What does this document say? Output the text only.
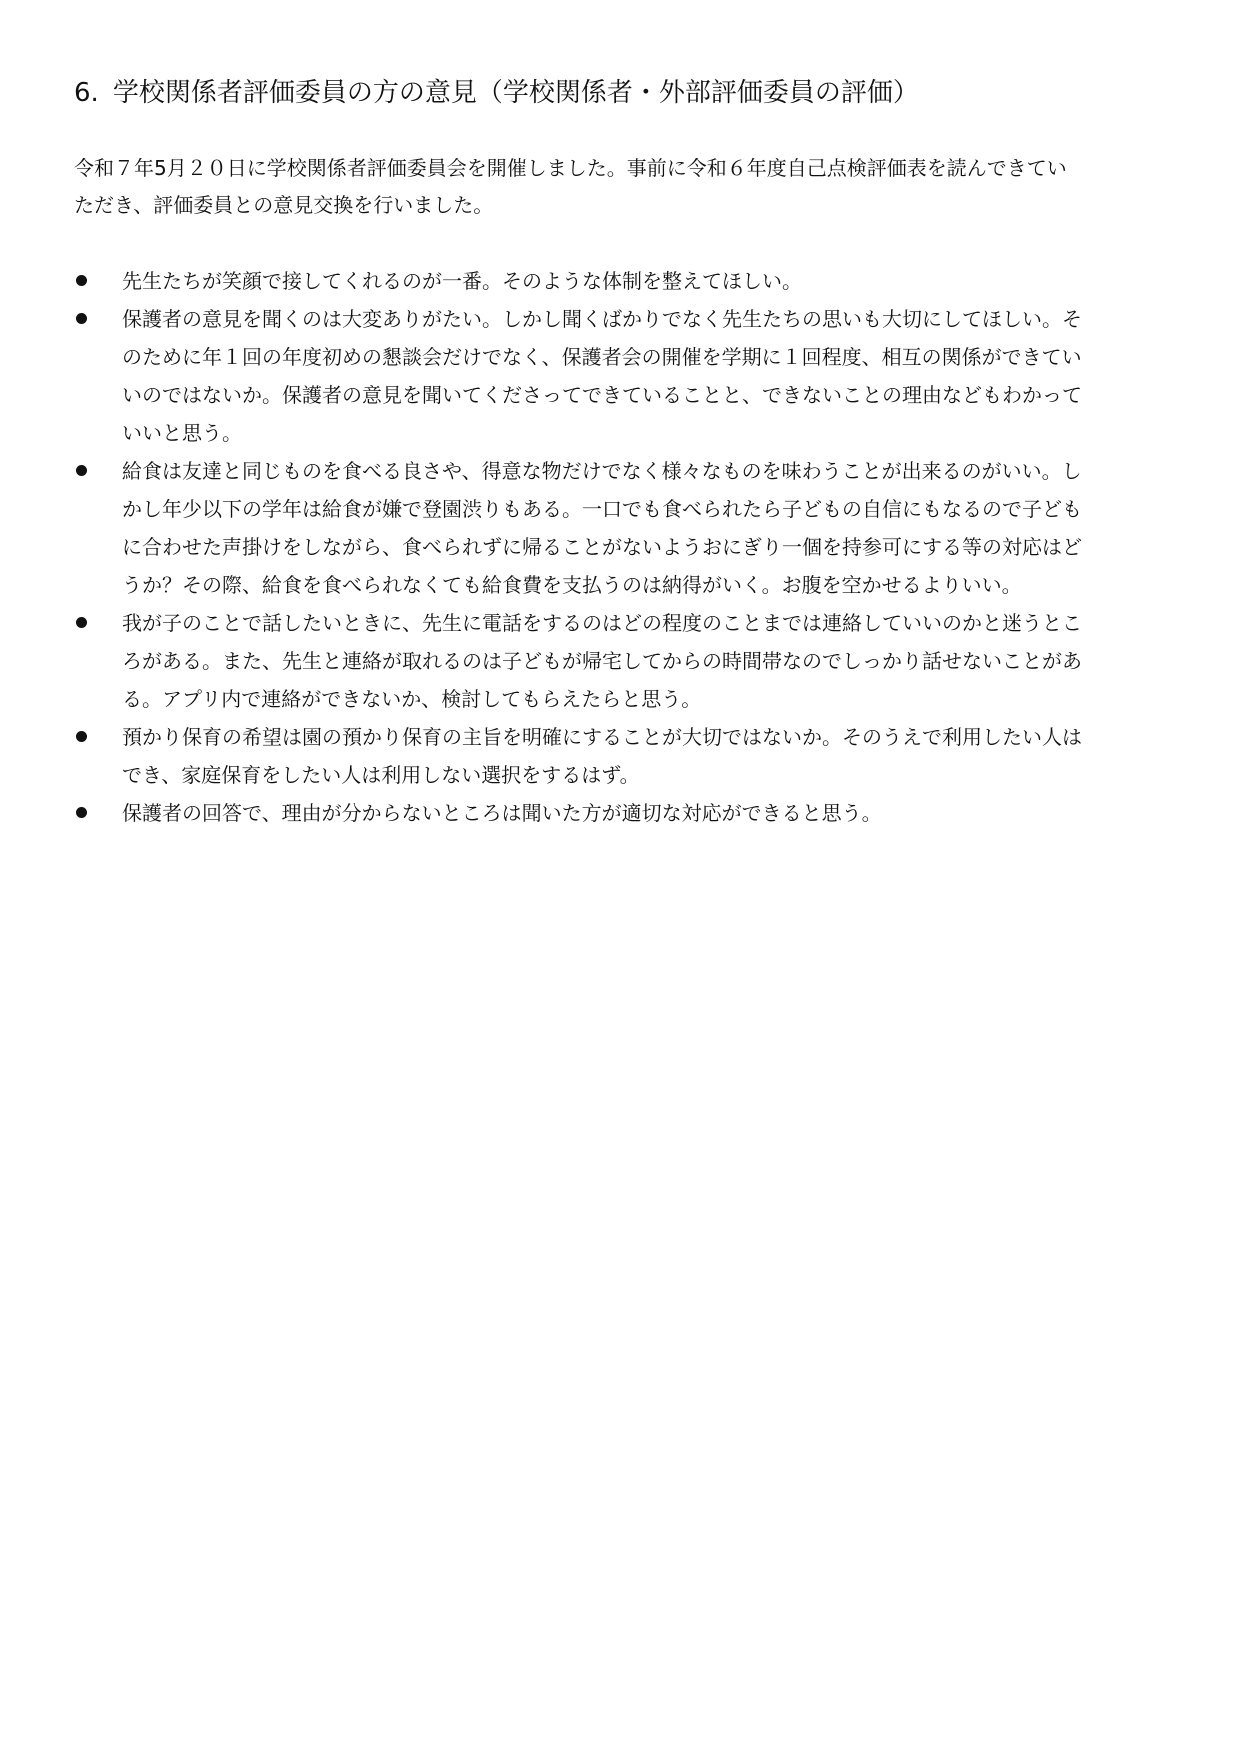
6. 学校関係者評価委員の方の意見（学校関係者・外部評価委員の評価）

令和７年5月２０日に学校関係者評価委員会を開催しました。事前に令和６年度自己点検評価表を読んできてい
ただき、評価委員との意見交換を行いました。

先生たちが笑顔で接してくれるのが一番。そのような体制を整えてほしい。
保護者の意見を聞くのは大変ありがたい。しかし聞くばかりでなく先生たちの思いも大切にしてほしい。そ
のために年１回の年度初めの懇談会だけでなく、保護者会の開催を学期に１回程度、相互の関係ができてい
いのではないか。保護者の意見を聞いてくださってできていることと、できないことの理由などもわかって
いいと思う。
給食は友達と同じものを食べる良さや、得意な物だけでなく様々なものを味わうことが出来るのがいい。し
かし年少以下の学年は給食が嫌で登園渋りもある。一口でも食べられたら子どもの自信にもなるので子ども
に合わせた声掛けをしながら、食べられずに帰ることがないようおにぎり一個を持参可にする等の対応はど
うか？その際、給食を食べられなくても給食費を支払うのは納得がいく。お腹を空かせるよりいい。
我が子のことで話したいときに、先生に電話をするのはどの程度のことまでは連絡していいのかと迷うとこ
ろがある。また、先生と連絡が取れるのは子どもが帰宅してからの時間帯なのでしっかり話せないことがあ
る。アプリ内で連絡ができないか、検討してもらえたらと思う。
預かり保育の希望は園の預かり保育の主旨を明確にすることが大切ではないか。そのうえで利用したい人は
でき、家庭保育をしたい人は利用しない選択をするはず。
保護者の回答で、理由が分からないところは聞いた方が適切な対応ができると思う。
